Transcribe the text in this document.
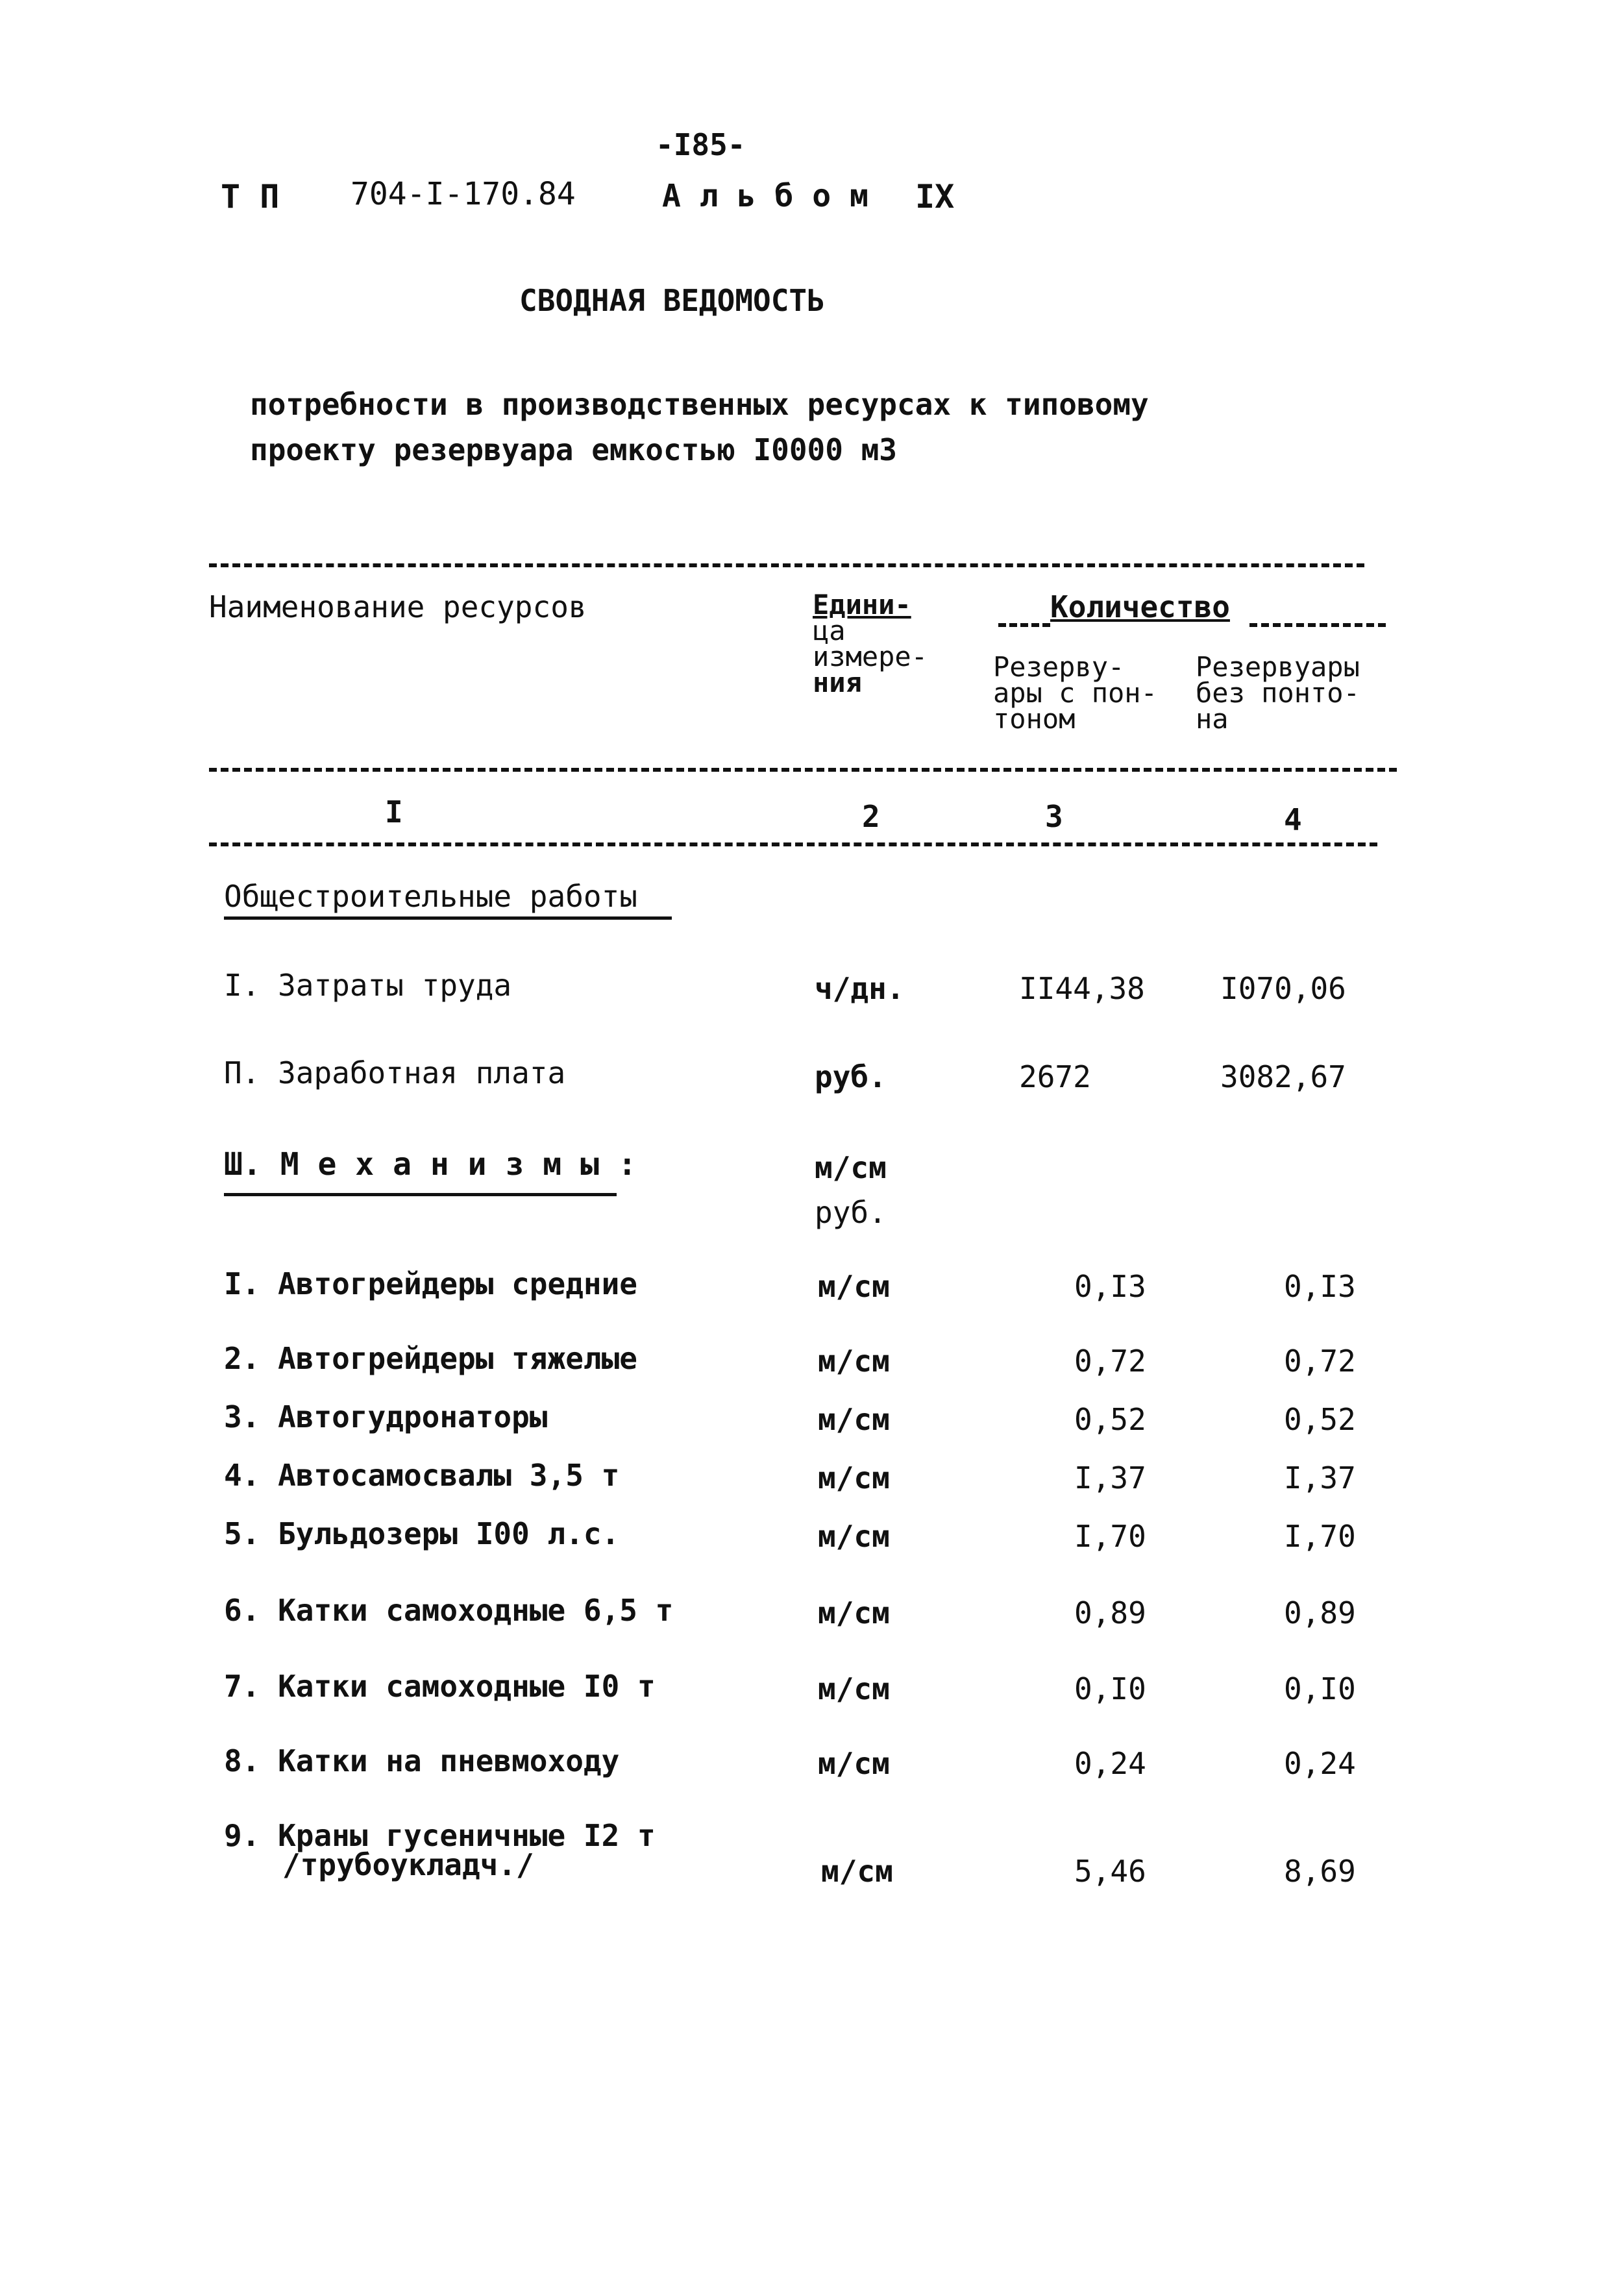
-I85-
Т П 704-I-170.84	А л ь б о м IX
СВОДНАЯ ВЕДОМОСТЬ
потребности в производственных ресурсах к типовому
проекту резервуара емкостью I0000 м3
Наименование ресурсов	Едини-
ца
измере-
ния
Количество
Резерву-
ары с пон-
тоном
Резервуары
без понто-
на
I	2	3	4
Общестроительные работы
I. Затраты труда	ч/дн.	II44,38	I070,06
П. Заработная плата	руб.	2672	3082,67
Ш. М е х а н и з м ы :	м/см
руб.
I. Автогрейдеры средние	м/см	0,I3	0,I3
2. Автогрейдеры тяжелые	м/см	0,72	0,72
3. Автогудронаторы	м/см	0,52	0,52
4. Автосамосвалы 3,5 т	м/см	I,37	I,37
5. Бульдозеры I00 л.с.	м/см	I,70	I,70
6. Катки самоходные 6,5 т	м/см	0,89	0,89
7. Катки самоходные I0 т	м/см	0,I0	0,I0
8. Катки на пневмоходу	м/см	0,24	0,24
9. Краны гусеничные I2 т
/трубоукладч./	м/см	5,46	8,69
